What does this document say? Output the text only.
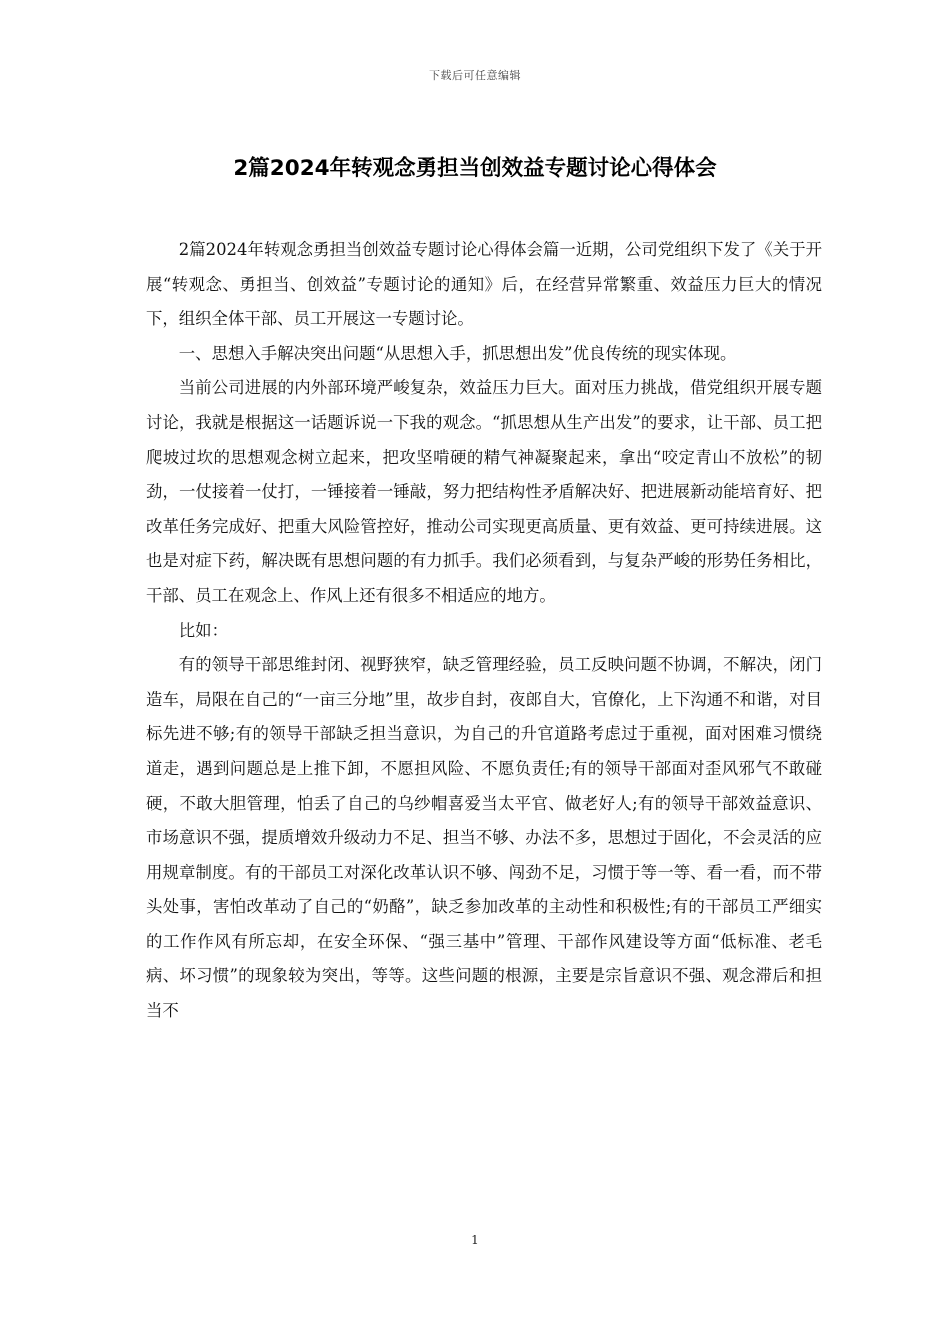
下载后可任意编辑
2篇2024年转观念勇担当创效益专题讨论心得体会

2篇2024年转观念勇担当创效益专题讨论心得体会篇一近期，公司党组织下发了《关于开展“转观念、勇担当、创效益”专题讨论的通知》后，在经营异常繁重、效益压力巨大的情况下，组织全体干部、员工开展这一专题讨论。

一、思想入手解决突出问题“从思想入手，抓思想出发”优良传统的现实体现。

当前公司进展的内外部环境严峻复杂，效益压力巨大。面对压力挑战，借党组织开展专题讨论，我就是根据这一话题诉说一下我的观念。“抓思想从生产出发”的要求，让干部、员工把爬坡过坎的思想观念树立起来，把攻坚啃硬的精气神凝聚起来，拿出“咬定青山不放松”的韧劲，一仗接着一仗打，一锤接着一锤敲，努力把结构性矛盾解决好、把进展新动能培育好、把改革任务完成好、把重大风险管控好，推动公司实现更高质量、更有效益、更可持续进展。这也是对症下药，解决既有思想问题的有力抓手。我们必须看到，与复杂严峻的形势任务相比，干部、员工在观念上、作风上还有很多不相适应的地方。

比如：

有的领导干部思维封闭、视野狭窄，缺乏管理经验，员工反映问题不协调，不解决，闭门造车，局限在自己的“一亩三分地”里，故步自封，夜郎自大，官僚化，上下沟通不和谐，对目标先进不够;有的领导干部缺乏担当意识，为自己的升官道路考虑过于重视，面对困难习惯绕道走，遇到问题总是上推下卸，不愿担风险、不愿负责任;有的领导干部面对歪风邪气不敢碰硬，不敢大胆管理，怕丢了自己的乌纱帽喜爱当太平官、做老好人;有的领导干部效益意识、市场意识不强，提质增效升级动力不足、担当不够、办法不多，思想过于固化，不会灵活的应用规章制度。有的干部员工对深化改革认识不够、闯劲不足，习惯于等一等、看一看，而不带头处事，害怕改革动了自己的“奶酪”，缺乏参加改革的主动性和积极性;有的干部员工严细实的工作作风有所忘却，在安全环保、“强三基中”管理、干部作风建设等方面“低标准、老毛病、坏习惯”的现象较为突出，等等。这些问题的根源，主要是宗旨意识不强、观念滞后和担当不

1
